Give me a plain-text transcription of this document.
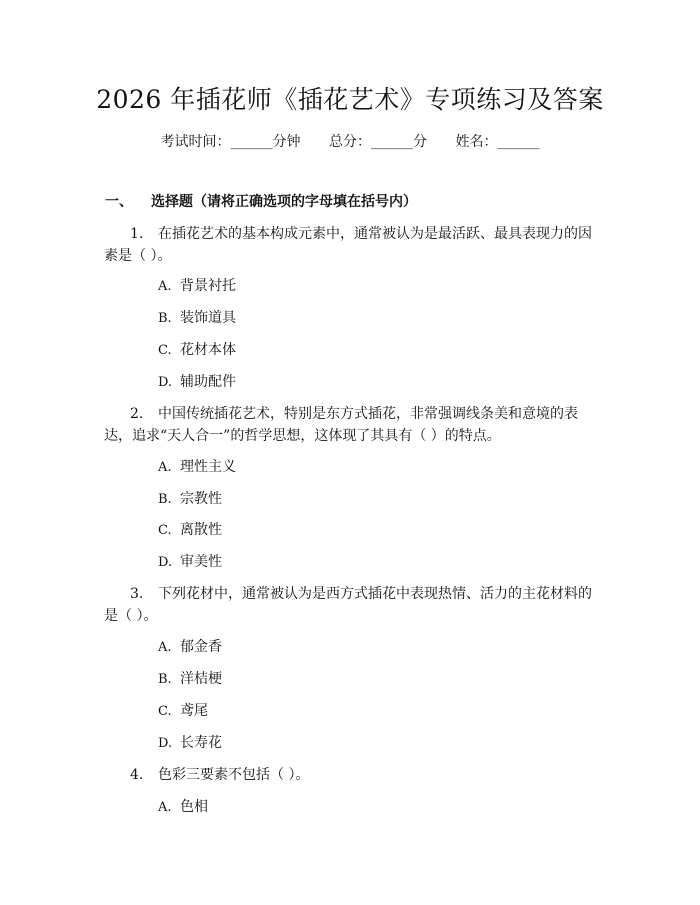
2026 年插花师《插花艺术》专项练习及答案
考试时间：______分钟 总分：______分 姓名：______
一、 选择题（请将正确选项的字母填在括号内）
1. 在插花艺术的基本构成元素中，通常被认为是最活跃、最具表现力的因素是（ ）。
A. 背景衬托
B. 装饰道具
C. 花材本体
D. 辅助配件
2. 中国传统插花艺术，特别是东方式插花，非常强调线条美和意境的表达，追求“天人合一”的哲学思想，这体现了其具有（ ）的特点。
A. 理性主义
B. 宗教性
C. 离散性
D. 审美性
3. 下列花材中，通常被认为是西方式插花中表现热情、活力的主花材料的是（ ）。
A. 郁金香
B. 洋桔梗
C. 鸢尾
D. 长寿花
4. 色彩三要素不包括（ ）。
A. 色相
